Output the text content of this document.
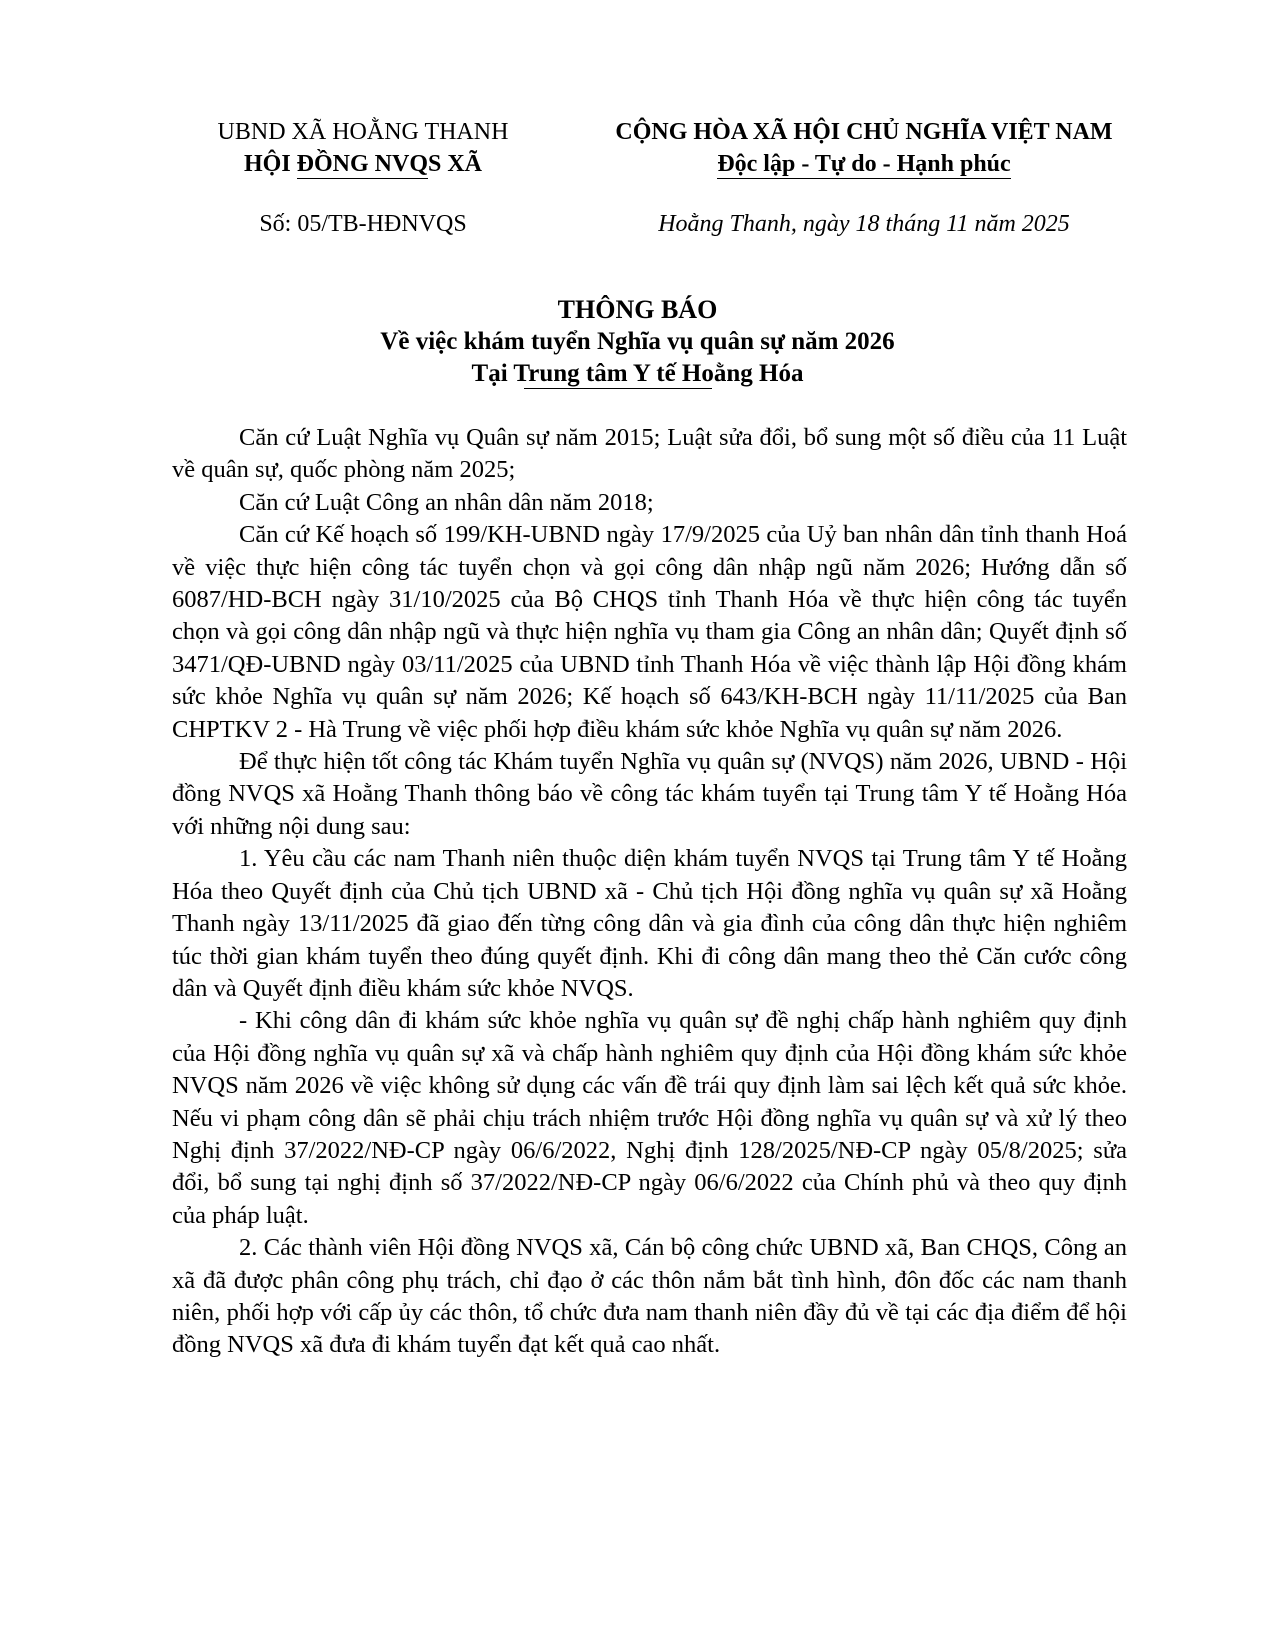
UBND XÃ HOẰNG THANH
HỘI ĐỒNG NVQS XÃ
CỘNG HÒA XÃ HỘI CHỦ NGHĨA VIỆT NAM
Độc lập - Tự do - Hạnh phúc
Số: 05/TB-HĐNVQS	Hoằng Thanh, ngày 18 tháng 11 năm 2025
THÔNG BÁO
Về việc khám tuyển Nghĩa vụ quân sự năm 2026
Tại Trung tâm Y tế Hoằng Hóa

Căn cứ Luật Nghĩa vụ Quân sự năm 2015; Luật sửa đổi, bổ sung một số điều của 11 Luật về quân sự, quốc phòng năm 2025;

Căn cứ Luật Công an nhân dân năm 2018;

Căn cứ Kế hoạch số 199/KH-UBND ngày 17/9/2025 của Uỷ ban nhân dân tỉnh thanh Hoá về việc thực hiện công tác tuyển chọn và gọi công dân nhập ngũ năm 2026; Hướng dẫn số 6087/HD-BCH ngày 31/10/2025 của Bộ CHQS tỉnh Thanh Hóa về thực hiện công tác tuyển chọn và gọi công dân nhập ngũ và thực hiện nghĩa vụ tham gia Công an nhân dân; Quyết định số 3471/QĐ-UBND ngày 03/11/2025 của UBND tỉnh Thanh Hóa về việc thành lập Hội đồng khám sức khỏe Nghĩa vụ quân sự năm 2026; Kế hoạch số 643/KH-BCH ngày 11/11/2025 của Ban CHPTKV 2 - Hà Trung về việc phối hợp điều khám sức khỏe Nghĩa vụ quân sự năm 2026.

Để thực hiện tốt công tác Khám tuyển Nghĩa vụ quân sự (NVQS) năm 2026, UBND - Hội đồng NVQS xã Hoằng Thanh thông báo về công tác khám tuyển tại Trung tâm Y tế Hoằng Hóa với những nội dung sau:

1. Yêu cầu các nam Thanh niên thuộc diện khám tuyển NVQS tại Trung tâm Y tế Hoằng Hóa theo Quyết định của Chủ tịch UBND xã - Chủ tịch Hội đồng nghĩa vụ quân sự xã Hoằng Thanh ngày 13/11/2025 đã giao đến từng công dân và gia đình của công dân thực hiện nghiêm túc thời gian khám tuyển theo đúng quyết định. Khi đi công dân mang theo thẻ Căn cước công dân và Quyết định điều khám sức khỏe NVQS.

- Khi công dân đi khám sức khỏe nghĩa vụ quân sự đề nghị chấp hành nghiêm quy định của Hội đồng nghĩa vụ quân sự xã và chấp hành nghiêm quy định của Hội đồng khám sức khỏe NVQS năm 2026 về việc không sử dụng các vấn đề trái quy định làm sai lệch kết quả sức khỏe. Nếu vi phạm công dân sẽ phải chịu trách nhiệm trước Hội đồng nghĩa vụ quân sự và xử lý theo Nghị định 37/2022/NĐ-CP ngày 06/6/2022, Nghị định 128/2025/NĐ-CP ngày 05/8/2025; sửa đổi, bổ sung tại nghị định số 37/2022/NĐ-CP ngày 06/6/2022 của Chính phủ và theo quy định của pháp luật.

2. Các thành viên Hội đồng NVQS xã, Cán bộ công chức UBND xã, Ban CHQS, Công an xã đã được phân công phụ trách, chỉ đạo ở các thôn nắm bắt tình hình, đôn đốc các nam thanh niên, phối hợp với cấp ủy các thôn, tổ chức đưa nam thanh niên đầy đủ về tại các địa điểm để hội đồng NVQS xã đưa đi khám tuyển đạt kết quả cao nhất.
